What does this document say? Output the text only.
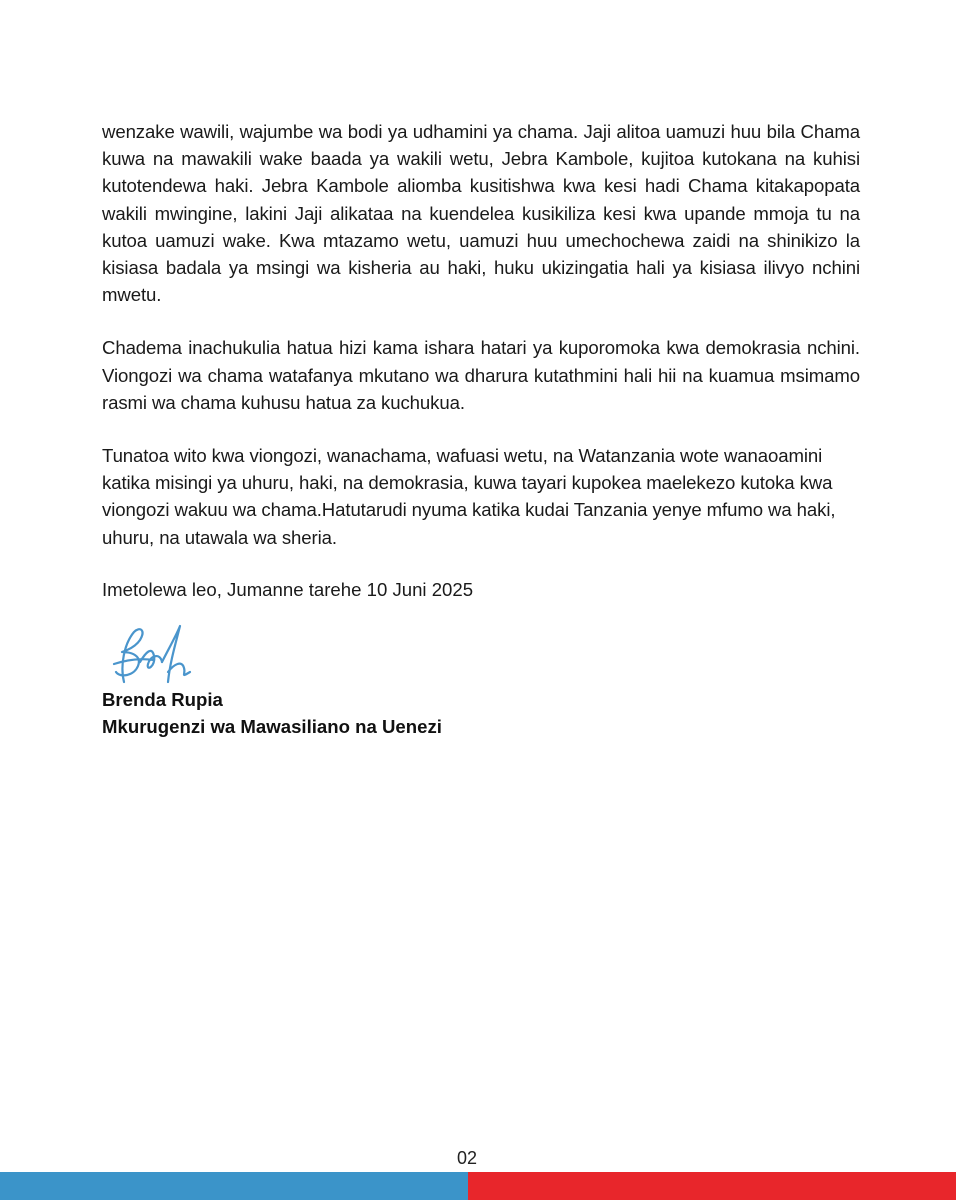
wenzake wawili, wajumbe wa bodi ya udhamini ya chama. Jaji alitoa uamuzi huu bila Chama kuwa na mawakili wake baada ya wakili wetu, Jebra Kambole, kujitoa kutokana na kuhisi kutotendewa haki. Jebra Kambole aliomba kusitishwa kwa kesi hadi Chama kitakapopata wakili mwingine, lakini Jaji alikataa na kuendelea kusikiliza kesi kwa upande mmoja tu na kutoa uamuzi wake. Kwa mtazamo wetu, uamuzi huu umechochewa zaidi na shinikizo la kisiasa badala ya msingi wa kisheria au haki, huku ukizingatia hali ya kisiasa ilivyo nchini mwetu.

Chadema inachukulia hatua hizi kama ishara hatari ya kuporomoka kwa demokrasia nchini. Viongozi wa chama watafanya mkutano wa dharura kutathmini hali hii na kuamua msimamo rasmi wa chama kuhusu hatua za kuchukua.

Tunatoa wito kwa viongozi, wanachama, wafuasi wetu, na Watanzania wote wanaoamini katika misingi ya uhuru, haki, na demokrasia, kuwa tayari kupokea maelekezo kutoka kwa viongozi wakuu wa chama.Hatutarudi nyuma katika kudai Tanzania yenye mfumo wa haki, uhuru, na utawala wa sheria.

Imetolewa leo, Jumanne tarehe 10 Juni 2025

Brenda Rupia

Mkurugenzi wa Mawasiliano na Uenezi

02
